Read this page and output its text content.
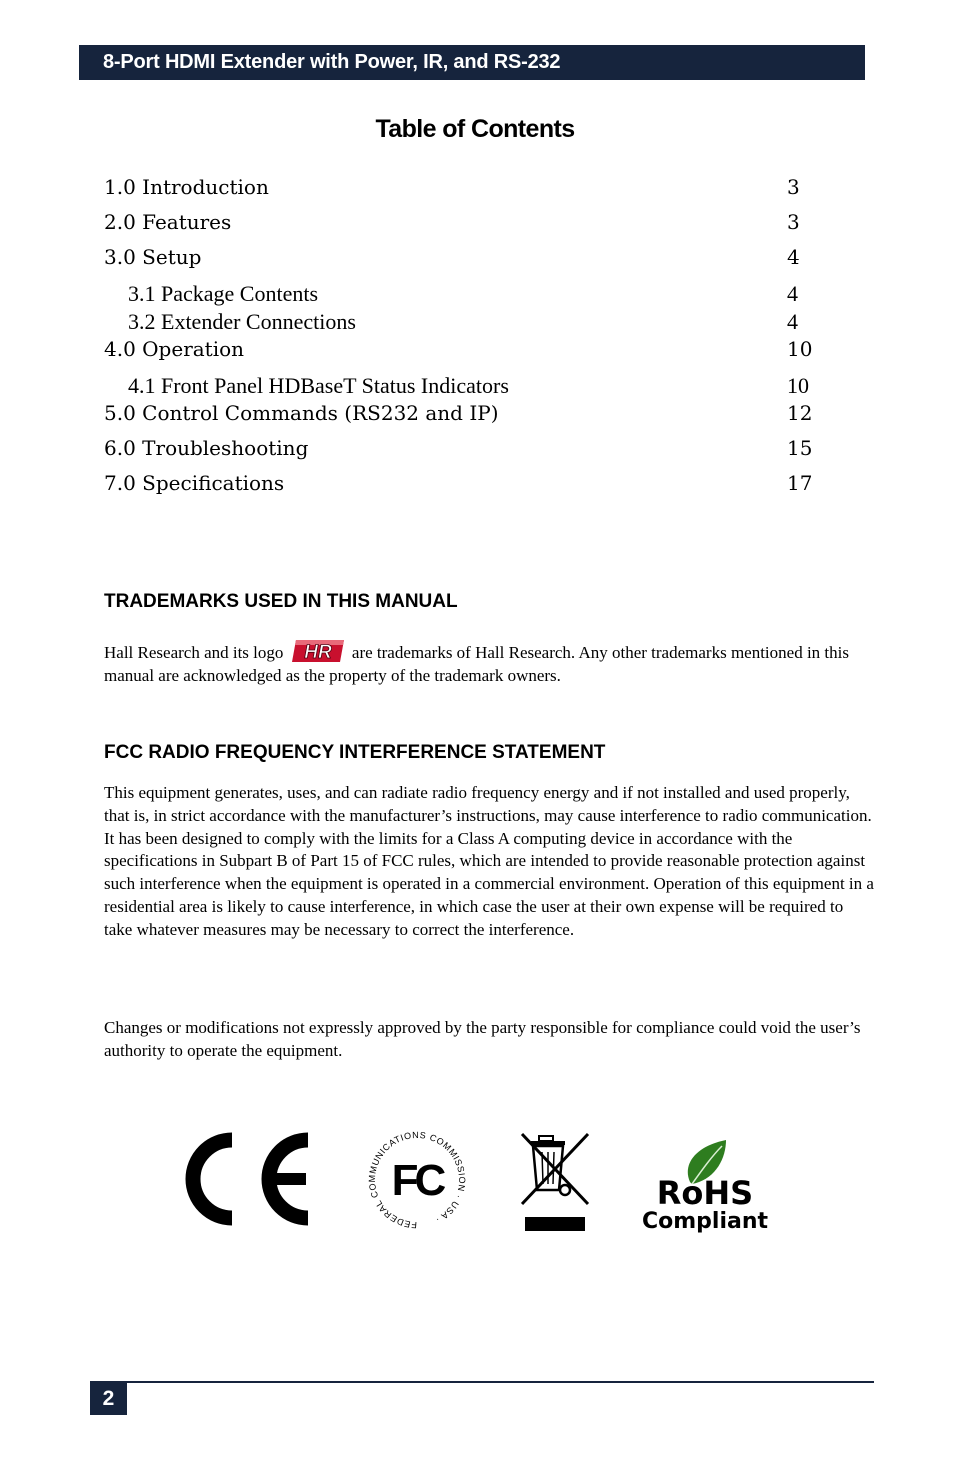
8-Port HDMI Extender with Power, IR, and RS-232
Table of Contents
1.0 Introduction	3
2.0 Features	3
3.0 Setup	4
3.1 Package Contents	4
3.2 Extender Connections	4
4.0 Operation	10
4.1 Front Panel HDBaseT Status Indicators	10
5.0 Control Commands (RS232 and IP)	12
6.0 Troubleshooting	15
7.0 Specifications	17
TRADEMARKS USED IN THIS MANUAL
Hall Research and its logo HR are trademarks of Hall Research. Any other trademarks mentioned in this manual are acknowledged as the property of the trademark owners.
FCC RADIO FREQUENCY INTERFERENCE STATEMENT
This equipment generates, uses, and can radiate radio frequency energy and if not installed and used properly, that is, in strict accordance with the manufacturer’s instructions, may cause interference to radio communication. It has been designed to comply with the limits for a Class A computing device in accordance with the specifications in Subpart B of Part 15 of FCC rules, which are intended to provide reasonable protection against such interference when the equipment is operated in a commercial environment. Operation of this equipment in a residential area is likely to cause interference, in which case the user at their own expense will be required to take whatever measures may be necessary to correct the interference.
Changes or modifications not expressly approved by the party responsible for compliance could void the user’s authority to operate the equipment.
FEDERAL COMMUNICATIONS COMMISSION · USA ·
FC	RoHS
Compliant
2
